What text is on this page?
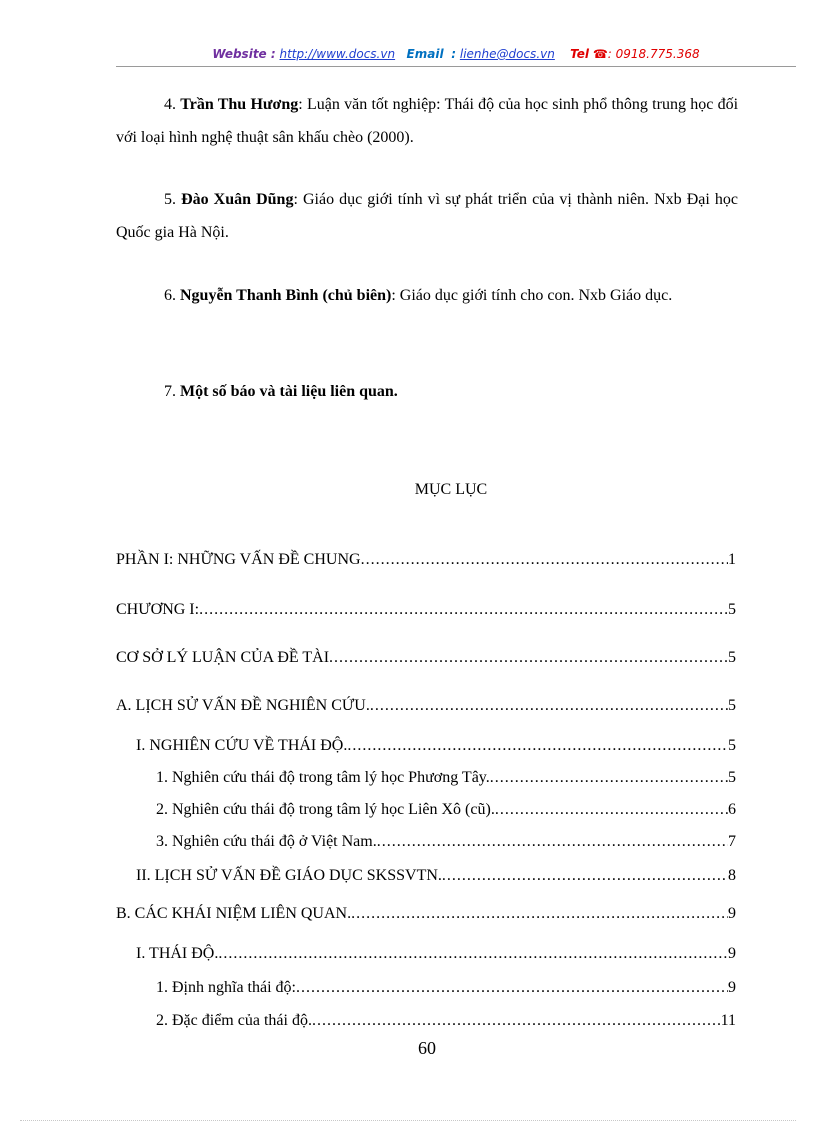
Website : http://www.docs.vn Email : lienhe@docs.vn Tel ☎: 0918.775.368
4. Trần Thu Hương: Luận văn tốt nghiệp: Thái độ của học sinh phổ thông trung học đối với loại hình nghệ thuật sân khấu chèo (2000).
5. Đào Xuân Dũng: Giáo dục giới tính vì sự phát triển của vị thành niên. Nxb Đại học Quốc gia Hà Nội.
6. Nguyễn Thanh Bình (chủ biên): Giáo dục giới tính cho con. Nxb Giáo dục.
7. Một số báo và tài liệu liên quan.
MỤC LỤC
PHẦN I: NHỮNG VẤN ĐỀ CHUNG .....	1
CHƯƠNG I: .....	5
CƠ SỞ LÝ LUẬN CỦA ĐỀ TÀI .....	5
A. LỊCH SỬ VẤN ĐỀ NGHIÊN CỨU. .....	5
I. NGHIÊN CỨU VỀ THÁI ĐỘ. .....	5
1. Nghiên cứu thái độ trong tâm lý học Phương Tây. .....	5
2. Nghiên cứu thái độ trong tâm lý học Liên Xô (cũ). .....	6
3. Nghiên cứu thái độ ở Việt Nam. .....	7
II. LỊCH SỬ VẤN ĐỀ GIÁO DỤC SKSSVTN. .....	8
B. CÁC KHÁI NIỆM LIÊN QUAN. .....	9
I. THÁI ĐỘ. .....	9
1. Định nghĩa thái độ: .....	9
2. Đặc điểm của thái độ. .....	11
60
